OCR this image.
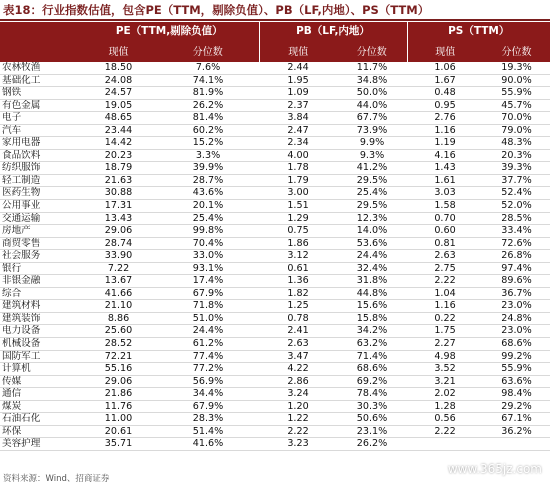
表18：行业指数估值，包含PE（TTM，剔除负值）、PB（LF,内地）、PS（TTM）
	PE（TTM,剔除负值）		PB（LF,内地）		PS（TTM）	
	现值	分位数	现值	分位数	现值	分位数
农林牧渔	18.50	7.6%	2.44	11.7%	1.06	19.3%
基础化工	24.08	74.1%	1.95	34.8%	1.67	90.0%
钢铁	24.57	81.9%	1.09	50.0%	0.48	55.9%
有色金属	19.05	26.2%	2.37	44.0%	0.95	45.7%
电子	48.65	81.4%	3.84	67.7%	2.76	70.0%
汽车	23.44	60.2%	2.47	73.9%	1.16	79.0%
家用电器	14.42	15.2%	2.34	9.9%	1.19	48.3%
食品饮料	20.23	3.3%	4.00	9.3%	4.16	20.3%
纺织服饰	18.79	39.9%	1.78	41.2%	1.43	39.3%
轻工制造	21.63	28.7%	1.79	29.5%	1.61	37.7%
医药生物	30.88	43.6%	3.00	25.4%	3.03	52.4%
公用事业	17.31	20.1%	1.51	29.5%	1.58	52.0%
交通运输	13.43	25.4%	1.29	12.3%	0.70	28.5%
房地产	29.06	99.8%	0.75	14.0%	0.60	33.4%
商贸零售	28.74	70.4%	1.86	53.6%	0.81	72.6%
社会服务	33.90	33.0%	3.12	24.4%	2.63	26.8%
银行	7.22	93.1%	0.61	32.4%	2.75	97.4%
非银金融	13.67	17.4%	1.36	31.8%	2.22	89.6%
综合	41.66	67.9%	1.82	44.8%	1.04	36.7%
建筑材料	21.10	71.8%	1.25	15.6%	1.16	23.0%
建筑装饰	8.86	51.0%	0.78	15.8%	0.22	24.8%
电力设备	25.60	24.4%	2.41	34.2%	1.75	23.0%
机械设备	28.52	61.2%	2.63	63.2%	2.27	68.6%
国防军工	72.21	77.4%	3.47	71.4%	4.98	99.2%
计算机	55.16	77.2%	4.22	68.6%	3.52	55.9%
传媒	29.06	56.9%	2.86	69.2%	3.21	63.6%
通信	21.86	34.4%	3.24	78.4%	2.02	98.4%
煤炭	11.76	67.9%	1.20	30.3%	1.28	29.2%
石油石化	11.00	28.3%	1.22	50.6%	0.56	67.1%
环保	20.61	51.4%	2.22	23.1%	2.22	36.2%
美容护理	35.71	41.6%	3.23	26.2%		
资料来源：Wind、招商证券
www.365jz.com
